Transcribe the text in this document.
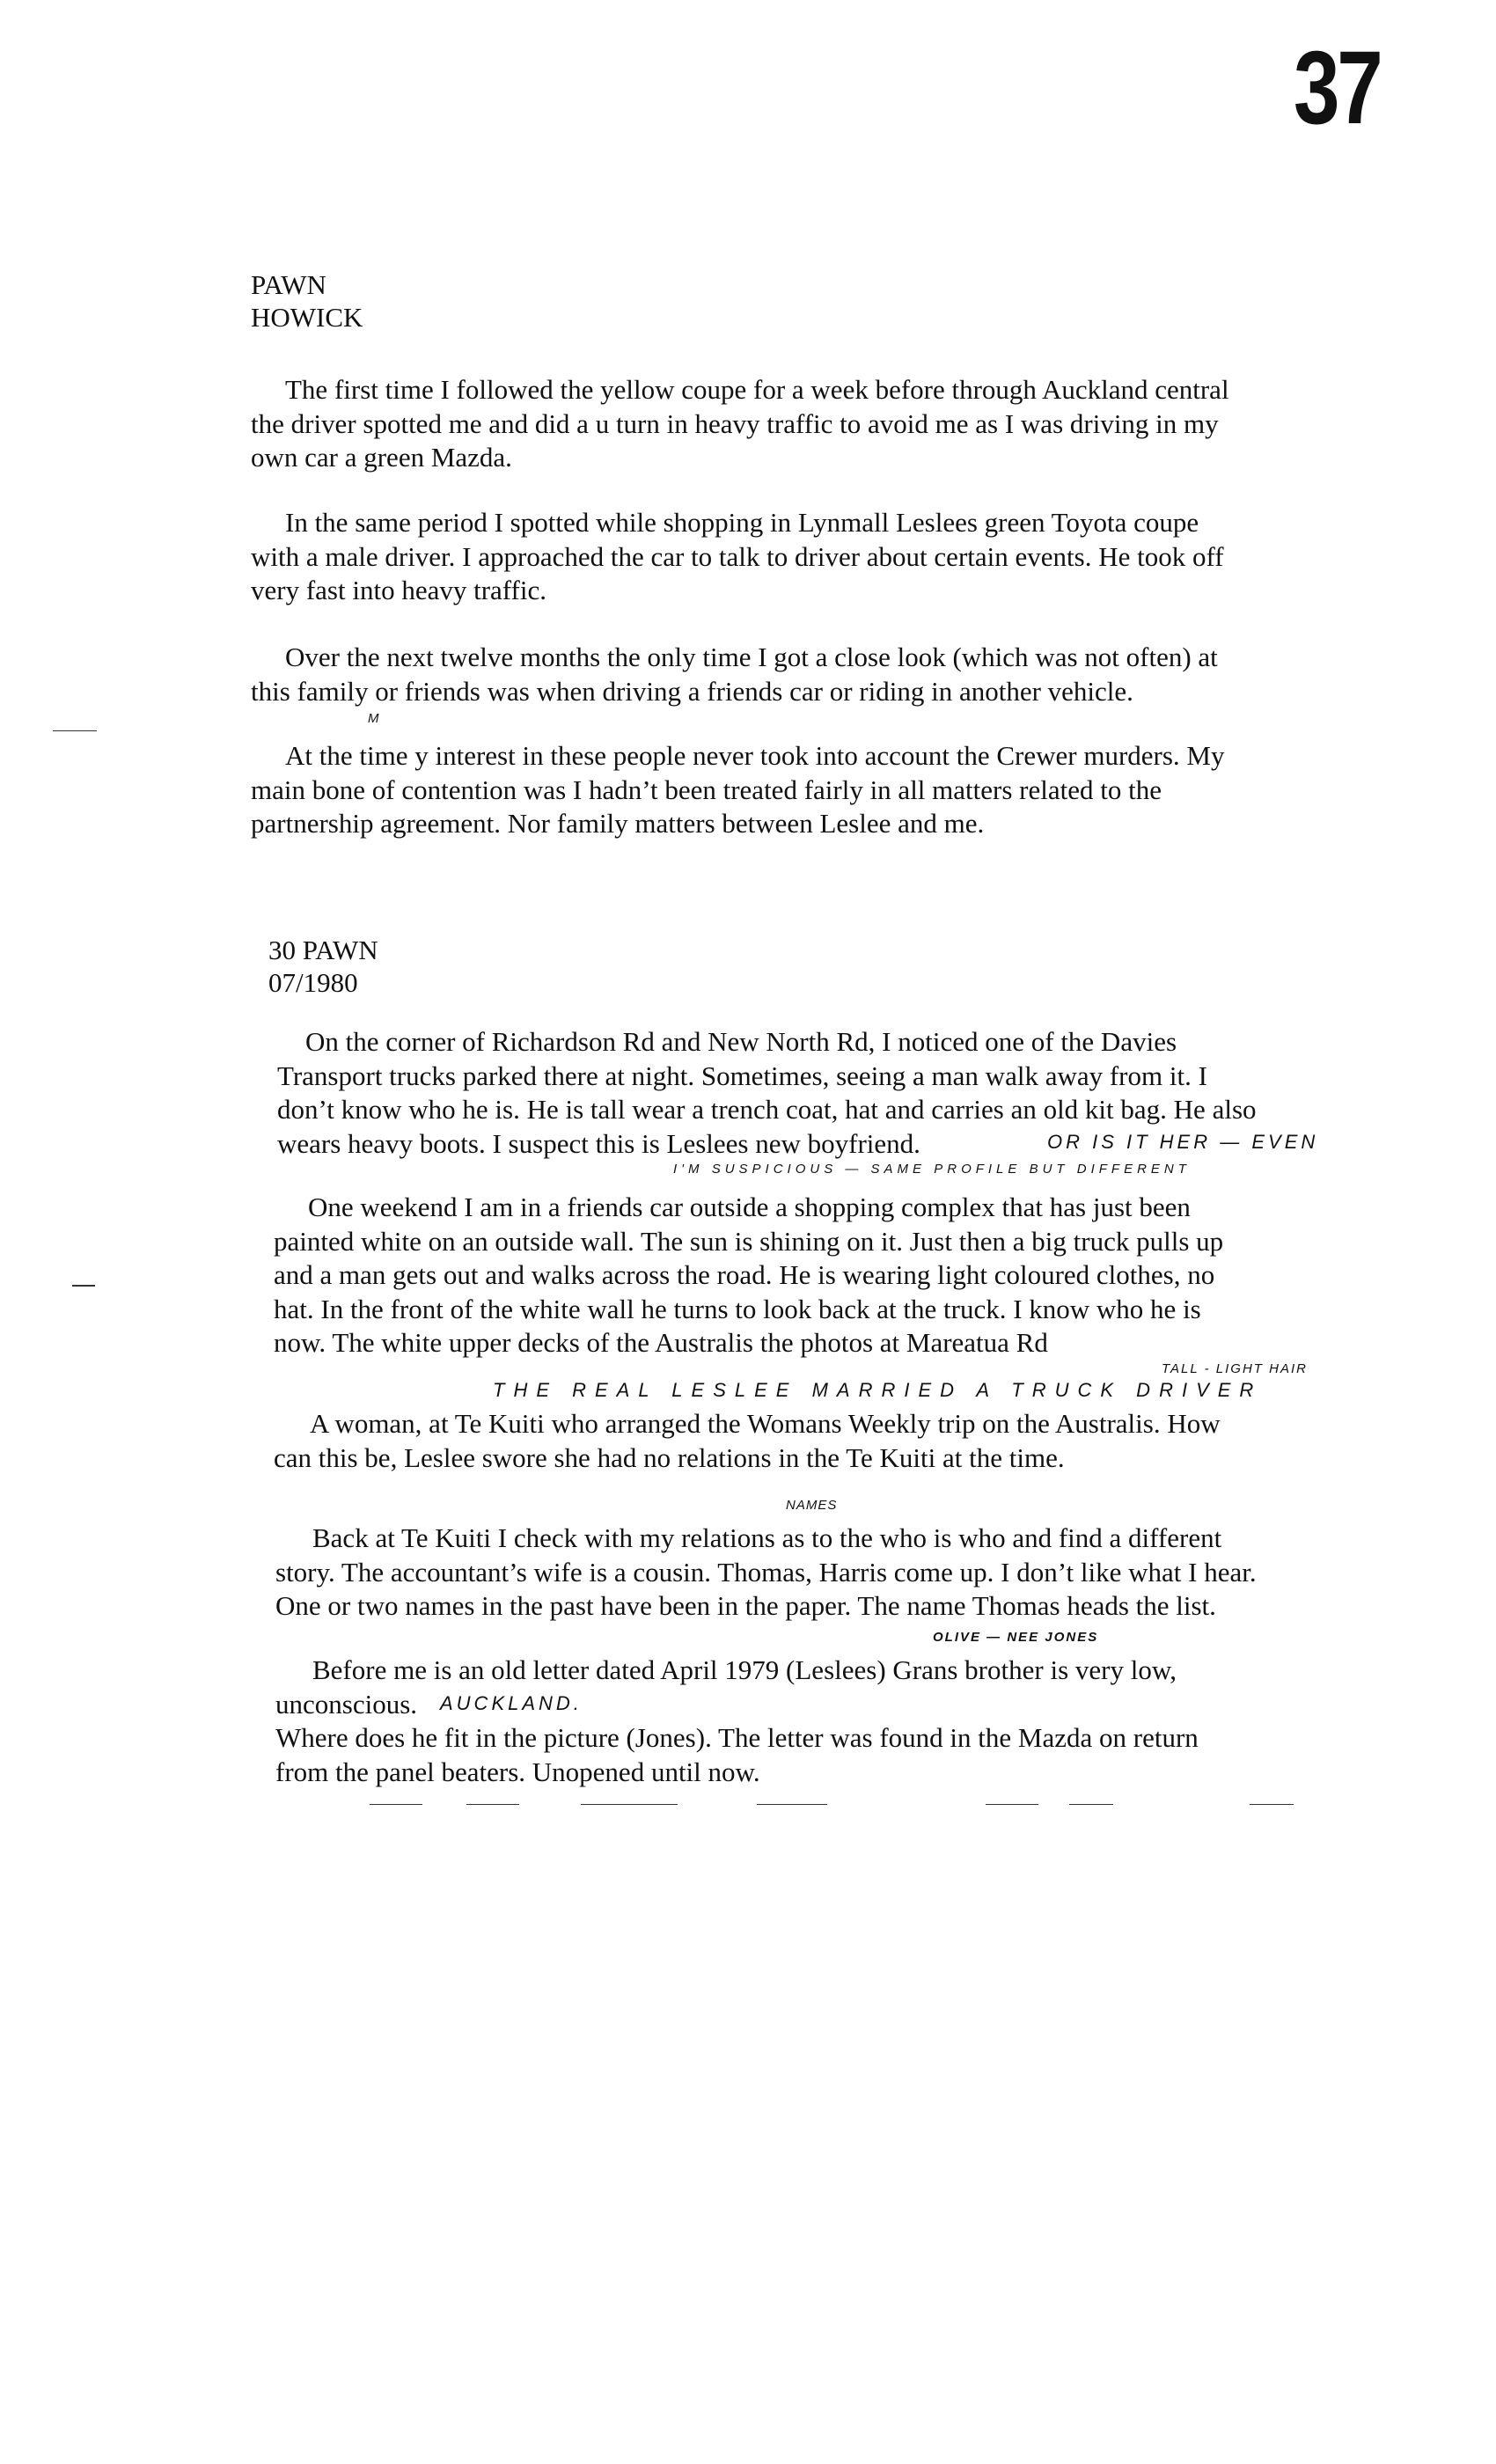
37
PAWN
HOWICK
The first time I followed the yellow coupe for a week before through Auckland central
the driver spotted me and did a u turn in heavy traffic to avoid me as I was driving in my
own car a green Mazda.
In the same period I spotted while shopping in Lynmall Leslees green Toyota coupe
with a male driver. I approached the car to talk to driver about certain events. He took off
very fast into heavy traffic.
Over the next twelve months the only time I got a close look (which was not often) at
this family or friends was when driving a friends car or riding in another vehicle.
At the time y interest in these people never took into account the Crewer murders. My
main bone of contention was I hadn’t been treated fairly in all matters related to the
partnership agreement. Nor family matters between Leslee and me.
30 PAWN
07/1980
On the corner of Richardson Rd and New North Rd, I noticed one of the Davies
Transport trucks parked there at night. Sometimes, seeing a man walk away from it. I
don’t know who he is. He is tall wear a trench coat, hat and carries an old kit bag. He also
wears heavy boots. I suspect this is Leslees new boyfriend.
One weekend I am in a friends car outside a shopping complex that has just been
painted white on an outside wall. The sun is shining on it. Just then a big truck pulls up
and a man gets out and walks across the road. He is wearing light coloured clothes, no
hat. In the front of the white wall he turns to look back at the truck. I know who he is
now. The white upper decks of the Australis the photos at Mareatua Rd
A woman, at Te Kuiti who arranged the Womans Weekly trip on the Australis. How
can this be, Leslee swore she had no relations in the Te Kuiti at the time.
Back at Te Kuiti I check with my relations as to the who is who and find a different
story. The accountant’s wife is a cousin. Thomas, Harris come up. I don’t like what I hear.
One or two names in the past have been in the paper. The name Thomas heads the list.
Before me is an old letter dated April 1979 (Leslees) Grans brother is very low,
unconscious.
Where does he fit in the picture (Jones). The letter was found in the Mazda on return
from the panel beaters. Unopened until now.
M
OR IS IT HER — EVEN
I'M SUSPICIOUS — SAME PROFILE BUT DIFFERENT
TALL - LIGHT HAIR
THE REAL LESLEE MARRIED A TRUCK DRIVER
NAMES
OLIVE — NEE JONES
AUCKLAND.
